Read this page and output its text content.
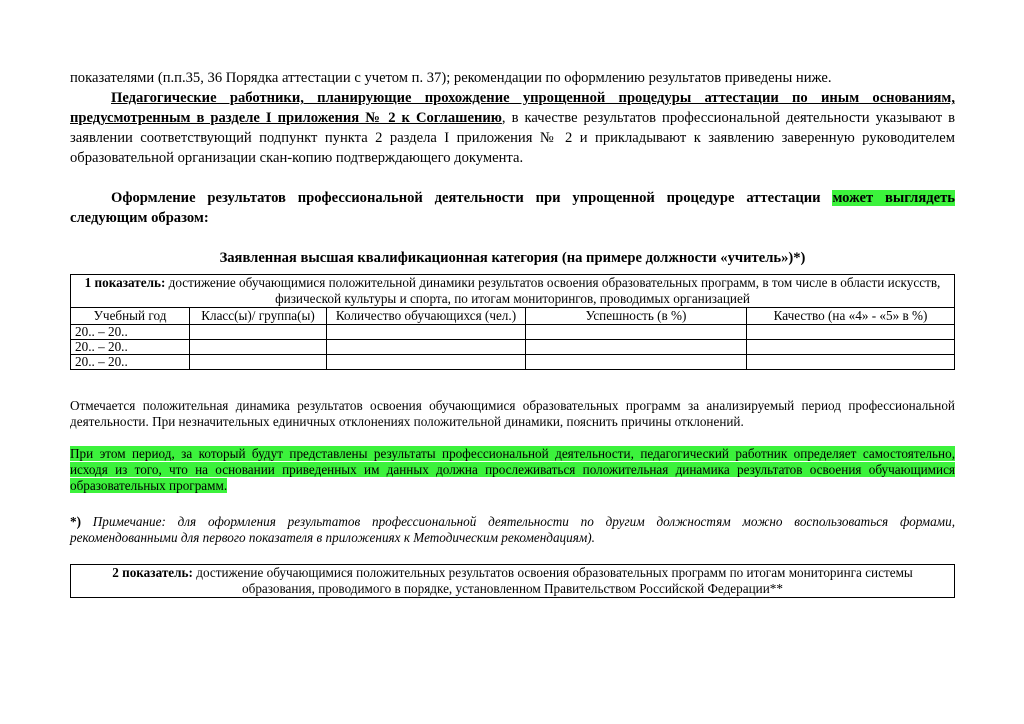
показателями (п.п.35, 36 Порядка аттестации с учетом п. 37); рекомендации по оформлению результатов приведены ниже.

Педагогические работники, планирующие прохождение упрощенной процедуры аттестации по иным основаниям, предусмотренным в разделе I приложения № 2 к Соглашению, в качестве результатов профессиональной деятельности указывают в заявлении соответствующий подпункт пункта 2 раздела I приложения № 2 и прикладывают к заявлению заверенную руководителем образовательной организации скан-копию подтверждающего документа.

Оформление результатов профессиональной деятельности при упрощенной процедуре аттестации может выглядеть следующим образом:

Заявленная высшая квалификационная категория (на примере должности «учитель»)*)
1 показатель: достижение обучающимися положительной динамики результатов освоения образовательных программ, в том числе в области искусств, физической культуры и спорта, по итогам мониторингов, проводимых организацией				
Учебный год	Класс(ы)/ группа(ы)	Количество обучающихся (чел.)	Успешность (в %)	Качество (на «4» - «5» в %)
20.. – 20..				
20.. – 20..				
20.. – 20..				

Отмечается положительная динамика результатов освоения обучающимися образовательных программ за анализируемый период профессиональной деятельности. При незначительных единичных отклонениях положительной динамики, пояснить причины отклонений.

При этом период, за который будут представлены результаты профессиональной деятельности, педагогический работник определяет самостоятельно, исходя из того, что на основании приведенных им данных должна прослеживаться положительная динамика результатов освоения обучающимися образовательных программ.

*) Примечание: для оформления результатов профессиональной деятельности по другим должностям можно воспользоваться формами, рекомендованными для первого показателя в приложениях к Методическим рекомендациям).

2 показатель: достижение обучающимися положительных результатов освоения образовательных программ по итогам мониторинга системы образования, проводимого в порядке, установленном Правительством Российской Федерации**
